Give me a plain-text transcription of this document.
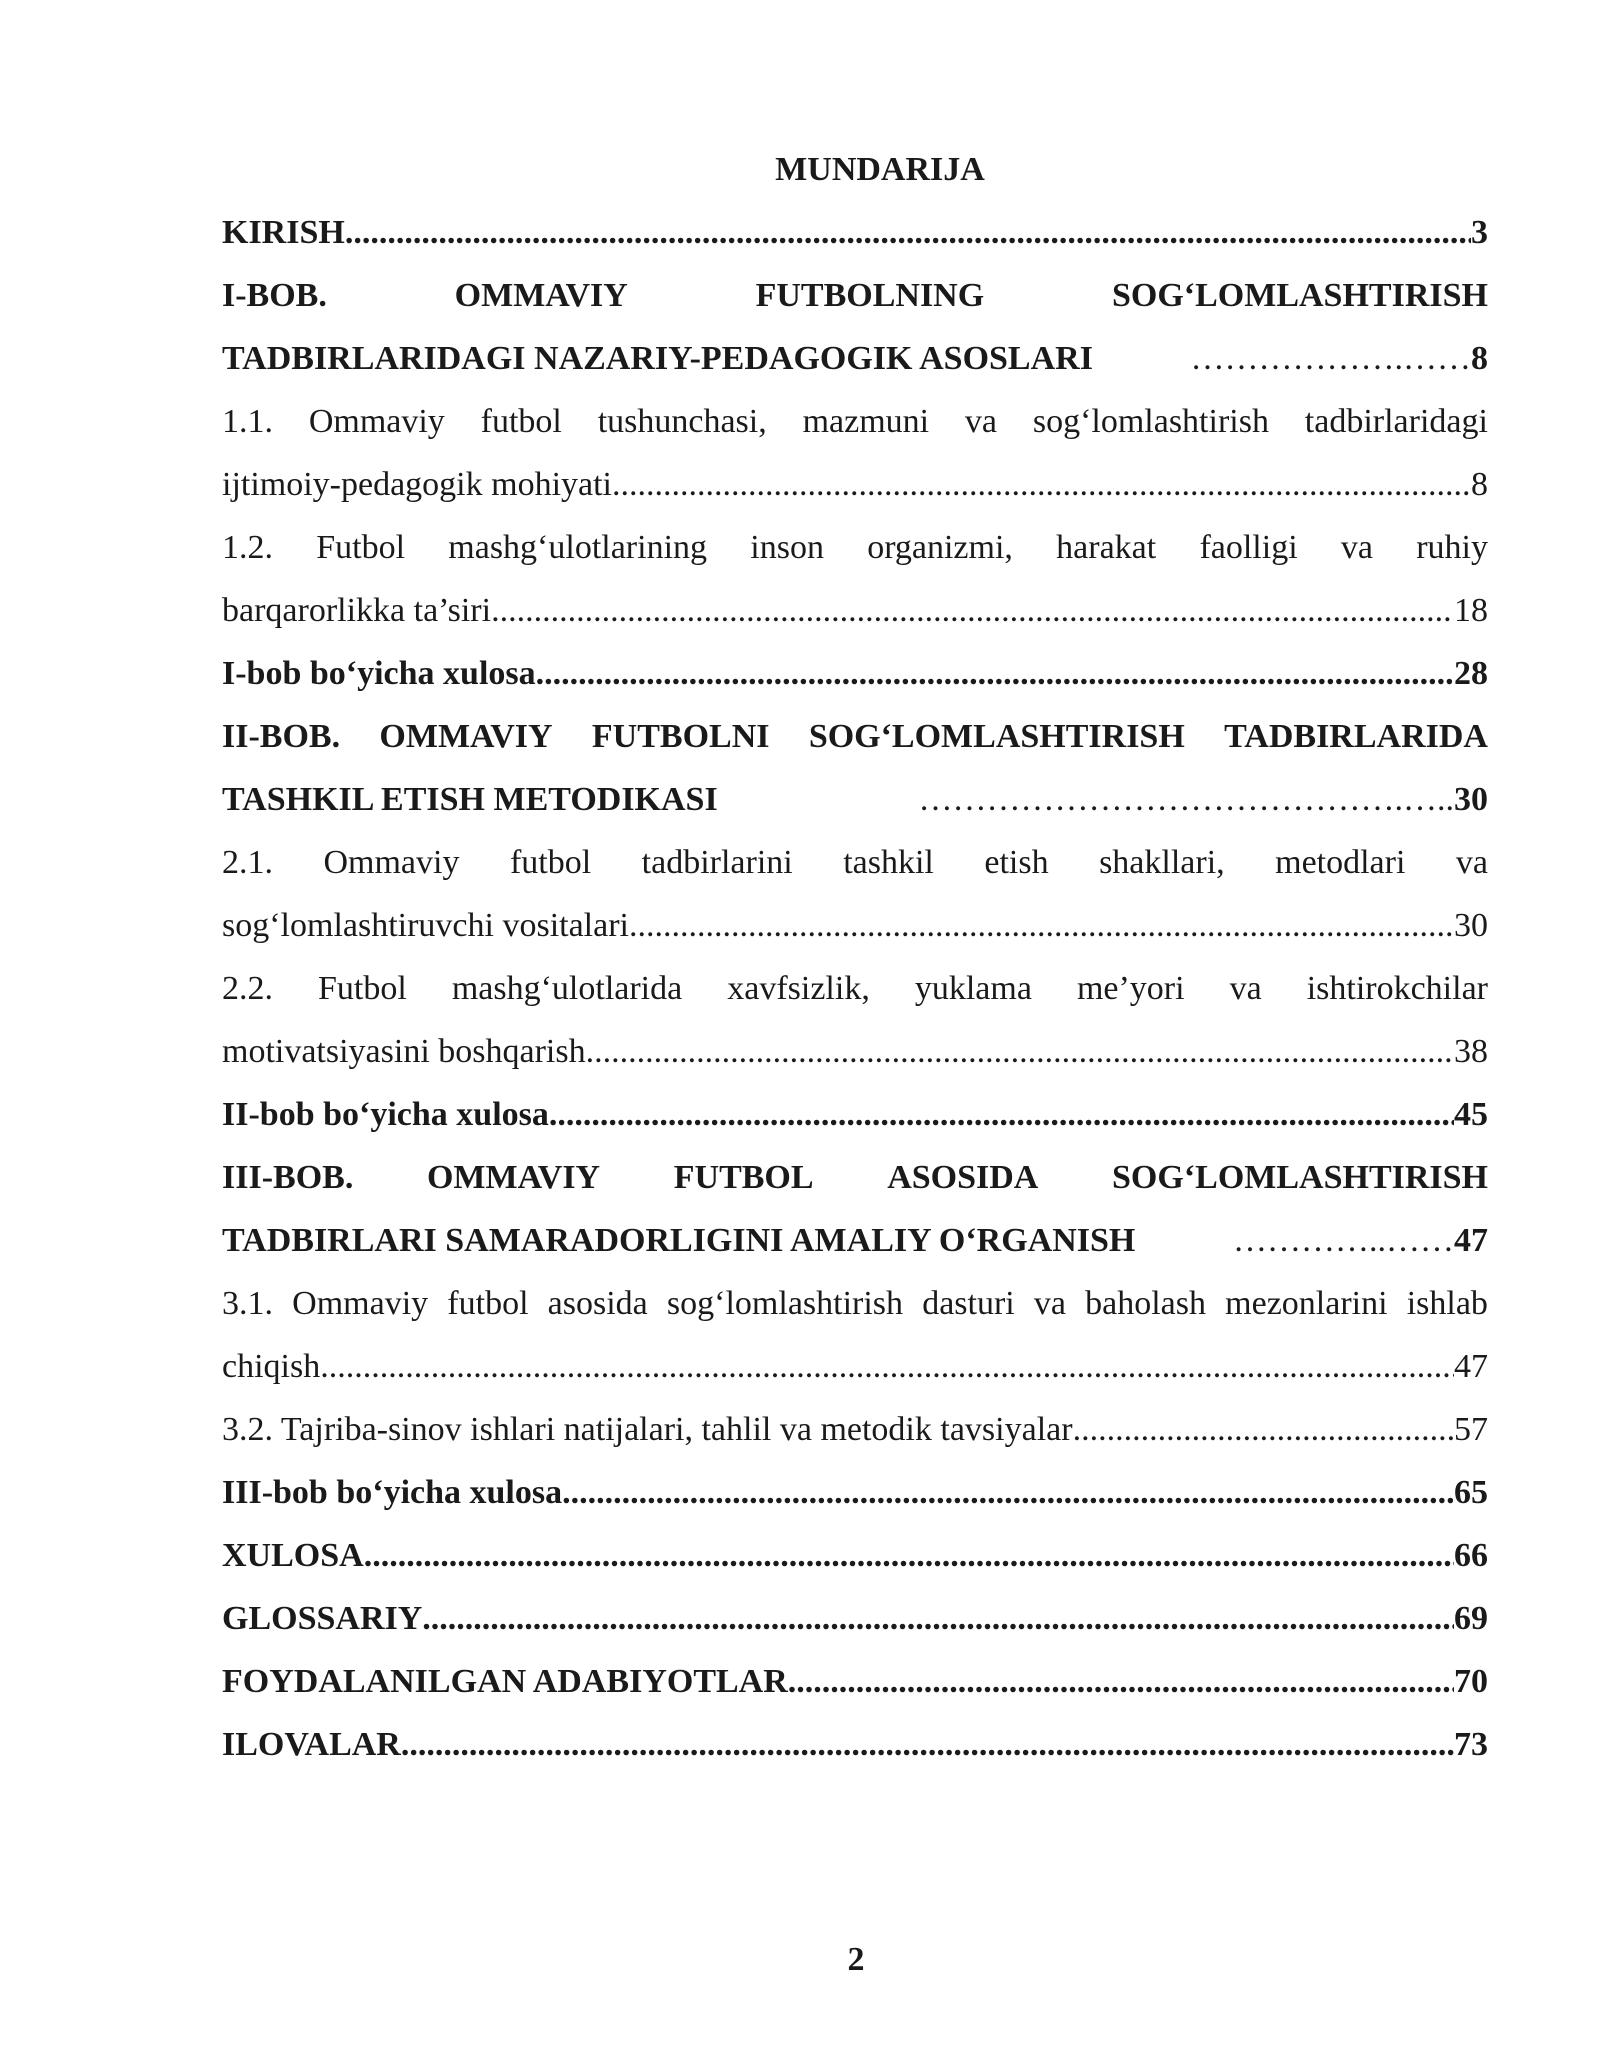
MUNDARIJA
KIRISH .....	3
I-BOB.	OMMAVIY	FUTBOLNING	SOG‘LOMLASHTIRISH
TADBIRLARIDAGI NAZARIY-PEDAGOGIK ASOSLARI	……………….…… 8
1.1. Ommaviy futbol tushunchasi, mazmuni va sog‘lomlashtirish tadbirlaridagi
ijtimoiy-pedagogik mohiyati .....	8
1.2. Futbol mashg‘ulotlarining inson organizmi, harakat faolligi va ruhiy
barqarorlikka ta’siri .....	18
I-bob bo‘yicha xulosa .....	28
II-BOB. OMMAVIY FUTBOLNI SOG‘LOMLASHTIRISH TADBIRLARIDA
TASHKIL ETISH METODIKASI	…………………………………….….. 30
2.1. Ommaviy futbol tadbirlarini tashkil etish shakllari, metodlari va
sog‘lomlashtiruvchi vositalari .....	30
2.2. Futbol mashg‘ulotlarida xavfsizlik, yuklama me’yori va ishtirokchilar
motivatsiyasini boshqarish .....	38
II-bob bo‘yicha xulosa .....	45
III-BOB. OMMAVIY FUTBOL ASOSIDA SOG‘LOMLASHTIRISH
TADBIRLARI SAMARADORLIGINI AMALIY O‘RGANISH	…………..…… 47
3.1. Ommaviy futbol asosida sog‘lomlashtirish dasturi va baholash mezonlarini ishlab
chiqish .....	47
3.2. Tajriba-sinov ishlari natijalari, tahlil va metodik tavsiyalar .....	57
III-bob bo‘yicha xulosa .....	65
XULOSA .....	66
GLOSSARIY .....	69
FOYDALANILGAN ADABIYOTLAR .....	70
ILOVALAR .....	73
2
